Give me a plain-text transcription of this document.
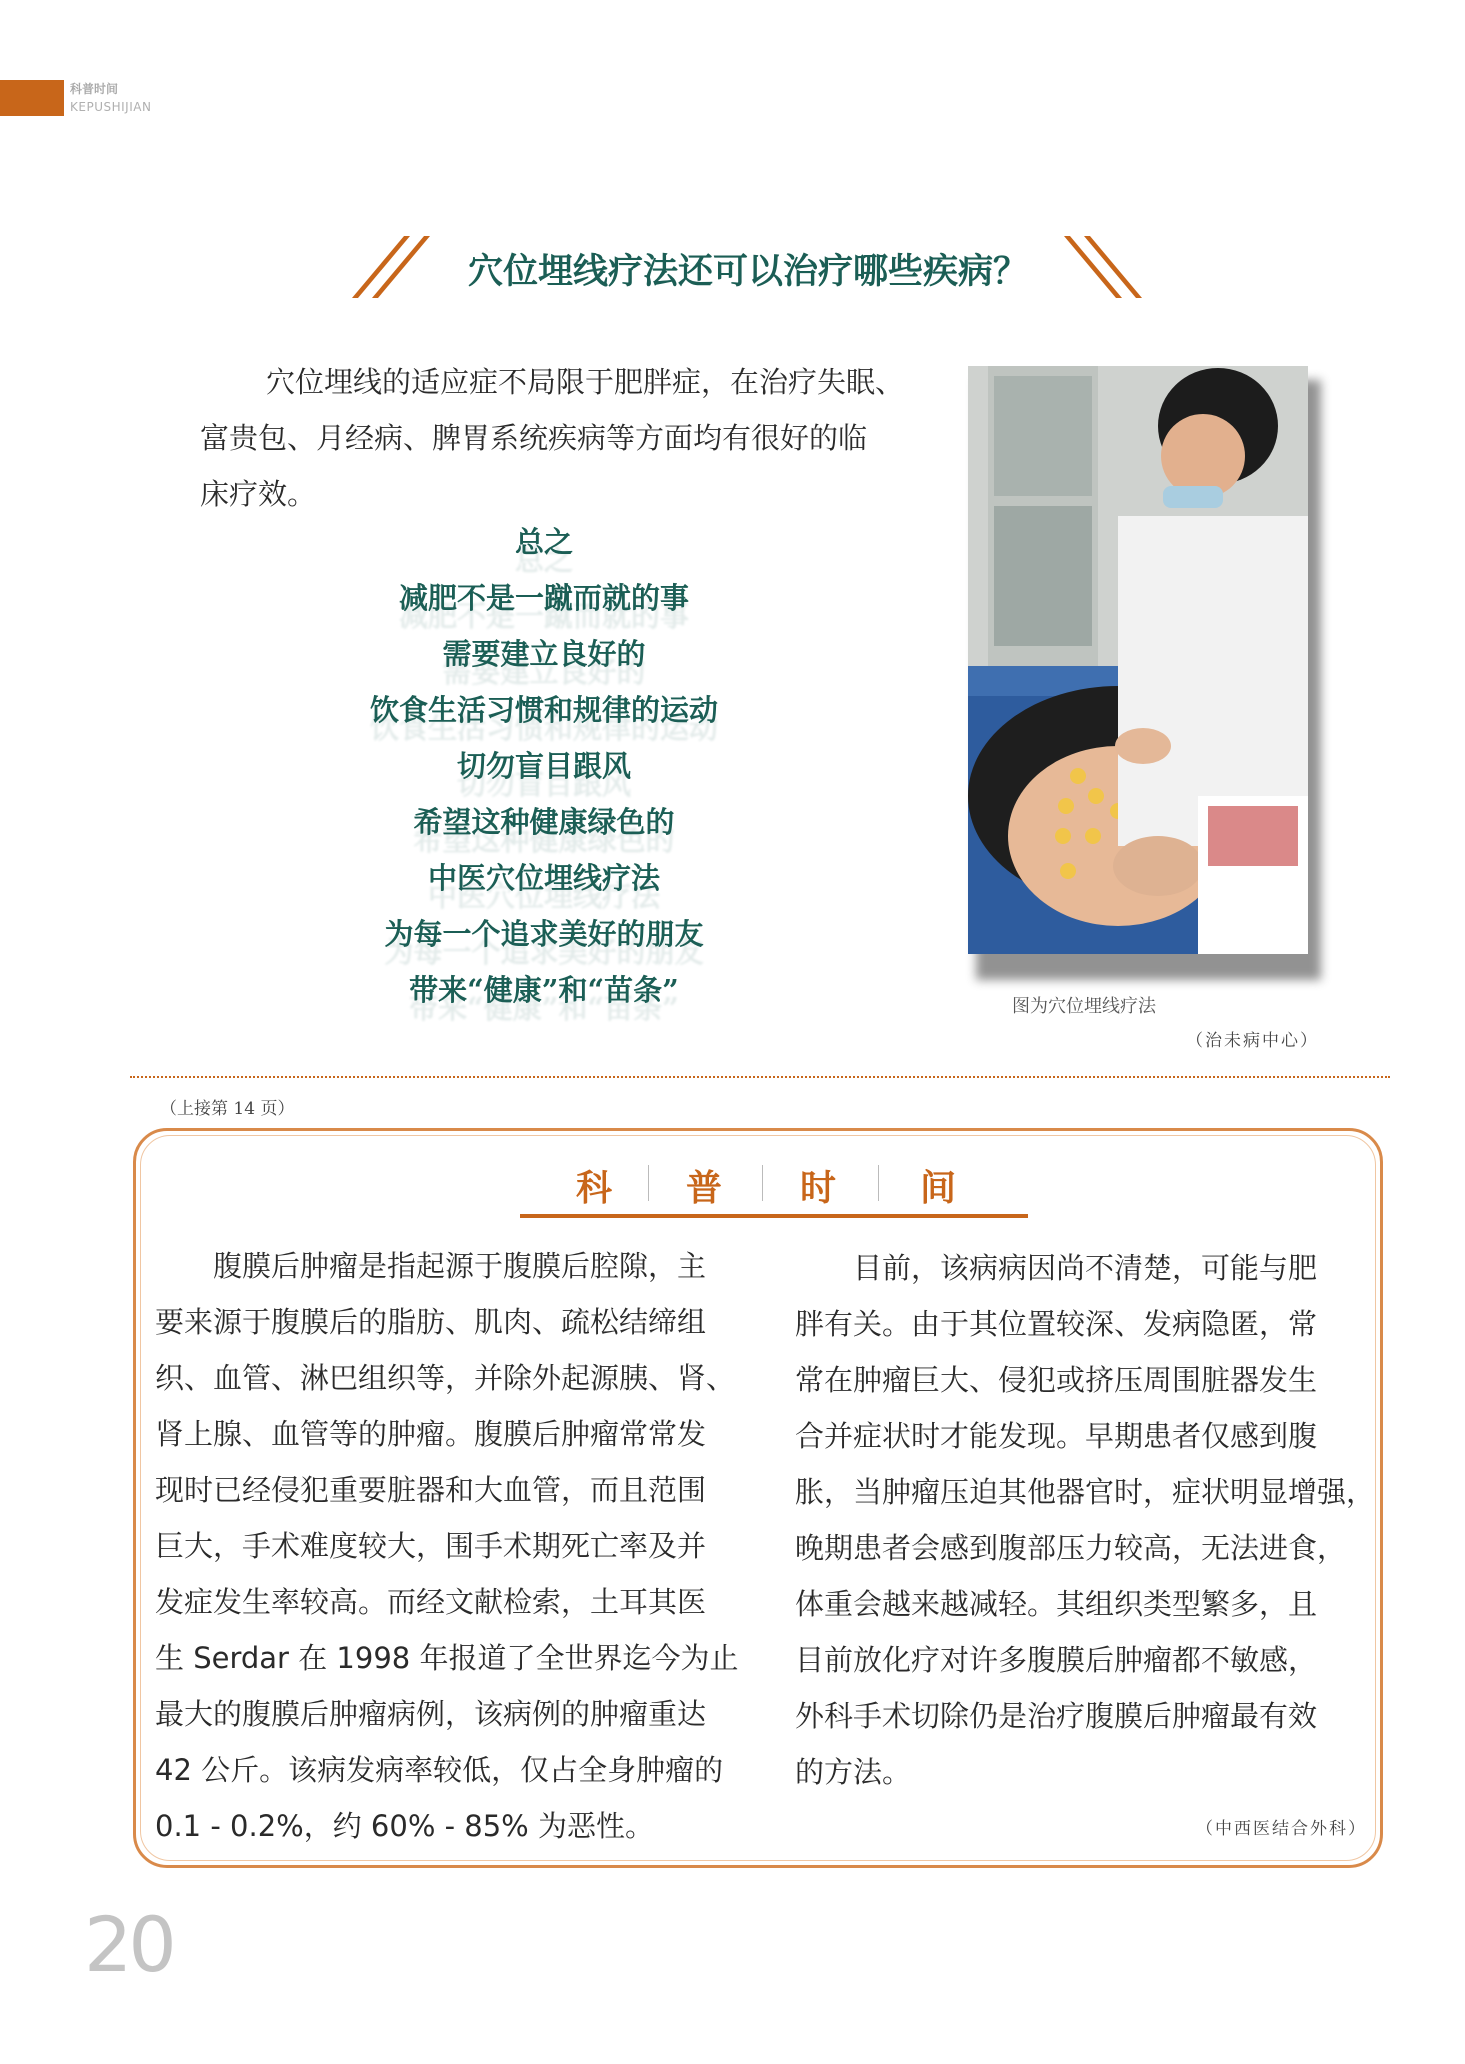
科普时间
KEPUSHIJIAN
穴位埋线疗法还可以治疗哪些疾病？
穴位埋线的适应症不局限于肥胖症，在治疗失眠、
富贵包、月经病、脾胃系统疾病等方面均有很好的临
床疗效。
总之
减肥不是一蹴而就的事
需要建立良好的
饮食生活习惯和规律的运动
切勿盲目跟风
希望这种健康绿色的
中医穴位埋线疗法
为每一个追求美好的朋友
带来“健康”和“苗条”	图为穴位埋线疗法
（治未病中心）
（上接第 14 页）
科 普 时 间
　　腹膜后肿瘤是指起源于腹膜后腔隙，主
要来源于腹膜后的脂肪、肌肉、疏松结缔组
织、血管、淋巴组织等，并除外起源胰、肾、
肾上腺、血管等的肿瘤。腹膜后肿瘤常常发
现时已经侵犯重要脏器和大血管，而且范围
巨大，手术难度较大，围手术期死亡率及并
发症发生率较高。而经文献检索，土耳其医
生 Serdar 在 1998 年报道了全世界迄今为止
最大的腹膜后肿瘤病例，该病例的肿瘤重达
42 公斤。该病发病率较低，仅占全身肿瘤的
0.1 - 0.2%，约 60% - 85% 为恶性。
　　目前，该病病因尚不清楚，可能与肥
胖有关。由于其位置较深、发病隐匿，常
常在肿瘤巨大、侵犯或挤压周围脏器发生
合并症状时才能发现。早期患者仅感到腹
胀，当肿瘤压迫其他器官时，症状明显增强，
晚期患者会感到腹部压力较高，无法进食，
体重会越来越减轻。其组织类型繁多，且
目前放化疗对许多腹膜后肿瘤都不敏感，
外科手术切除仍是治疗腹膜后肿瘤最有效
的方法。
（中西医结合外科）
20
